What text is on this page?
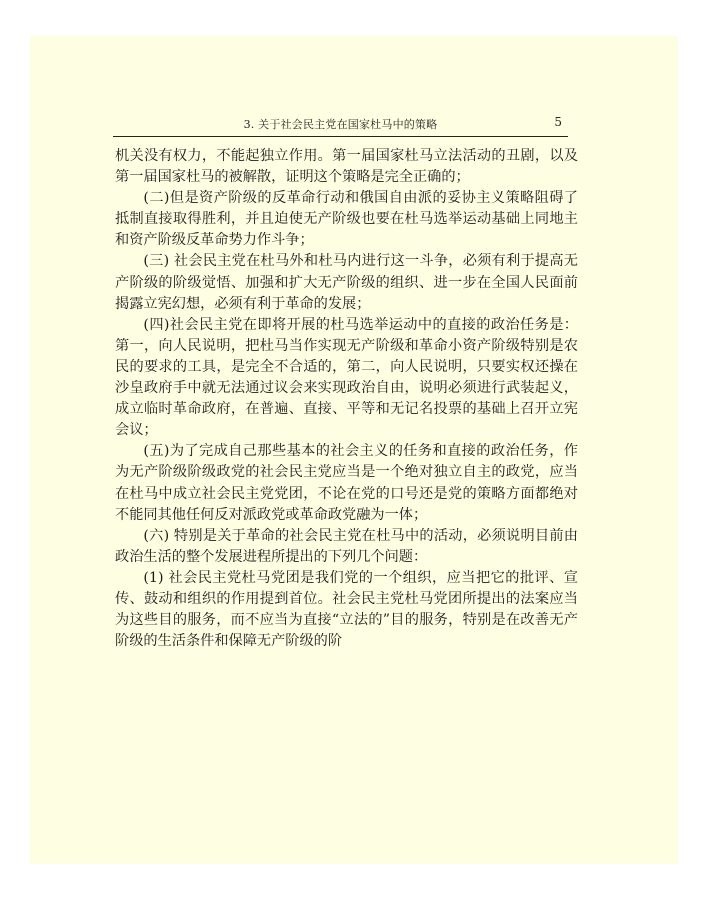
3. 关于社会民主党在国家杜马中的策略	5

机关没有权力，不能起独立作用。第一届国家杜马立法活动的丑剧，以及第一届国家杜马的被解散，证明这个策略是完全正确的；

(二)但是资产阶级的反革命行动和俄国自由派的妥协主义策略阻碍了抵制直接取得胜利，并且迫使无产阶级也要在杜马选举运动基础上同地主和资产阶级反革命势力作斗争；

(三) 社会民主党在杜马外和杜马内进行这一斗争，必须有利于提高无产阶级的阶级觉悟、加强和扩大无产阶级的组织、进一步在全国人民面前揭露立宪幻想，必须有利于革命的发展；

(四)社会民主党在即将开展的杜马选举运动中的直接的政治任务是：第一，向人民说明，把杜马当作实现无产阶级和革命小资产阶级特别是农民的要求的工具，是完全不合适的，第二，向人民说明，只要实权还操在沙皇政府手中就无法通过议会来实现政治自由，说明必须进行武装起义，成立临时革命政府，在普遍、直接、平等和无记名投票的基础上召开立宪会议；

(五)为了完成自己那些基本的社会主义的任务和直接的政治任务，作为无产阶级阶级政党的社会民主党应当是一个绝对独立自主的政党，应当在杜马中成立社会民主党党团，不论在党的口号还是党的策略方面都绝对不能同其他任何反对派政党或革命政党融为一体；

(六) 特别是关于革命的社会民主党在杜马中的活动，必须说明目前由政治生活的整个发展进程所提出的下列几个问题：

(1) 社会民主党杜马党团是我们党的一个组织，应当把它的批评、宣传、鼓动和组织的作用提到首位。社会民主党杜马党团所提出的法案应当为这些目的服务，而不应当为直接“立法的”目的服务，特别是在改善无产阶级的生活条件和保障无产阶级的阶
